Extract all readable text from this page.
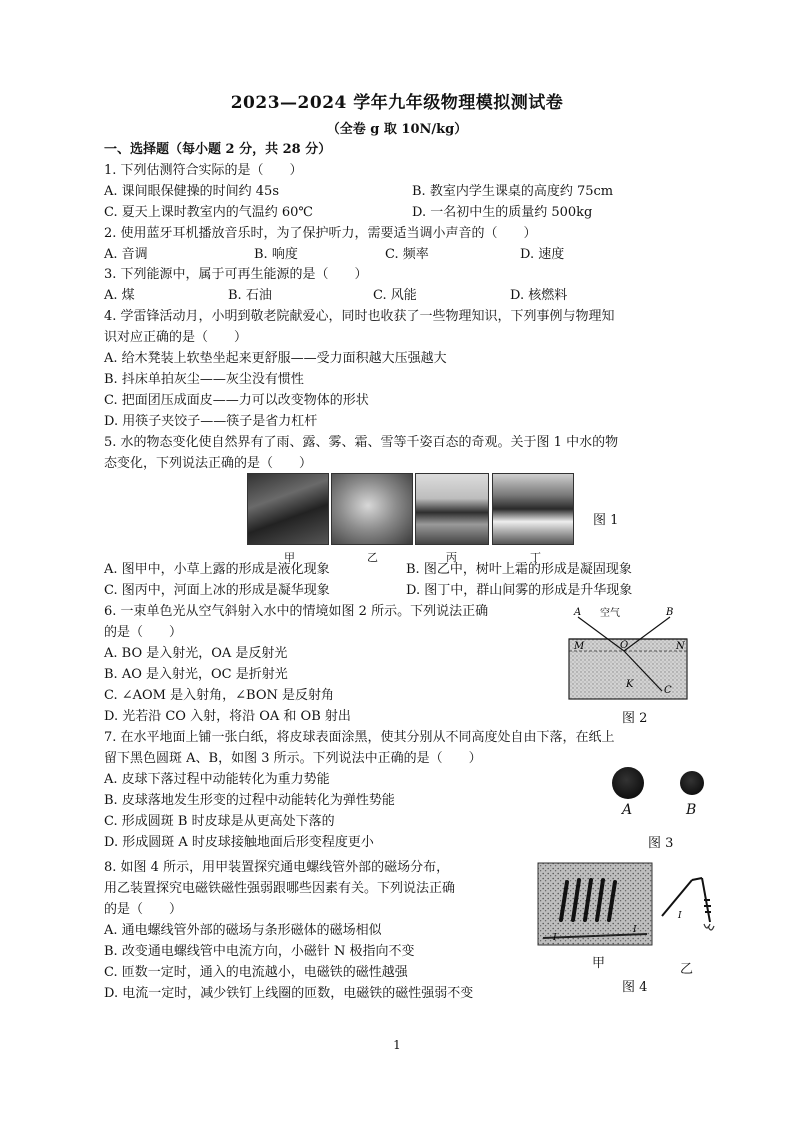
2023—2024 学年九年级物理模拟测试卷
（全卷 g 取 10N/kg）
一、选择题（每小题 2 分，共 28 分）
1. 下列估测符合实际的是（　　）
A. 课间眼保健操的时间约 45s	B. 教室内学生课桌的高度约 75cm
C. 夏天上课时教室内的气温约 60℃	D. 一名初中生的质量约 500kg
2. 使用蓝牙耳机播放音乐时，为了保护听力，需要适当调小声音的（　　）
A. 音调	B. 响度	C. 频率	D. 速度
3. 下列能源中，属于可再生能源的是（　　）
A. 煤	B. 石油	C. 风能	D. 核燃料
4. 学雷锋活动月，小明到敬老院献爱心，同时也收获了一些物理知识，下列事例与物理知
识对应正确的是（　　）
A. 给木凳装上软垫坐起来更舒服——受力面积越大压强越大
B. 抖床单拍灰尘——灰尘没有惯性
C. 把面团压成面皮——力可以改变物体的形状
D. 用筷子夹饺子——筷子是省力杠杆
5. 水的物态变化使自然界有了雨、露、雾、霜、雪等千姿百态的奇观。关于图 1 中水的物
态变化，下列说法正确的是（　　）
甲	乙	丙	丁
图 1
A. 图甲中，小草上露的形成是液化现象	B. 图乙中，树叶上霜的形成是凝固现象
C. 图丙中，河面上冰的形成是凝华现象	D. 图丁中，群山间雾的形成是升华现象
6. 一束单色光从空气斜射入水中的情境如图 2 所示。下列说法正确
的是（　　）
A. BO 是入射光，OA 是反射光
B. AO 是入射光，OC 是折射光
C. ∠AOM 是入射角，∠BON 是反射角
D. 光若沿 CO 入射，将沿 OA 和 OB 射出
A 空气	B
M	N
O
K
C
图 2
7. 在水平地面上铺一张白纸，将皮球表面涂黑，使其分别从不同高度处自由下落，在纸上
留下黑色圆斑 A、B，如图 3 所示。下列说法中正确的是（　　）
A. 皮球下落过程中动能转化为重力势能
B. 皮球落地发生形变的过程中动能转化为弹性势能
C. 形成圆斑 B 时皮球是从更高处下落的
D. 形成圆斑 A 时皮球接触地面后形变程度更小
A	B
图 3
8. 如图 4 所示，用甲装置探究通电螺线管外部的磁场分布，
用乙装置探究电磁铁磁性强弱跟哪些因素有关。下列说法正确
的是（　　）
A. 通电螺线管外部的磁场与条形磁体的磁场相似
B. 改变通电螺线管中电流方向，小磁针 N 极指向不变
C. 匝数一定时，通入的电流越小，电磁铁的磁性越强
D. 电流一定时，减少铁钉上线圈的匝数，电磁铁的磁性强弱不变
I
I
I
甲	乙
图 4
1
